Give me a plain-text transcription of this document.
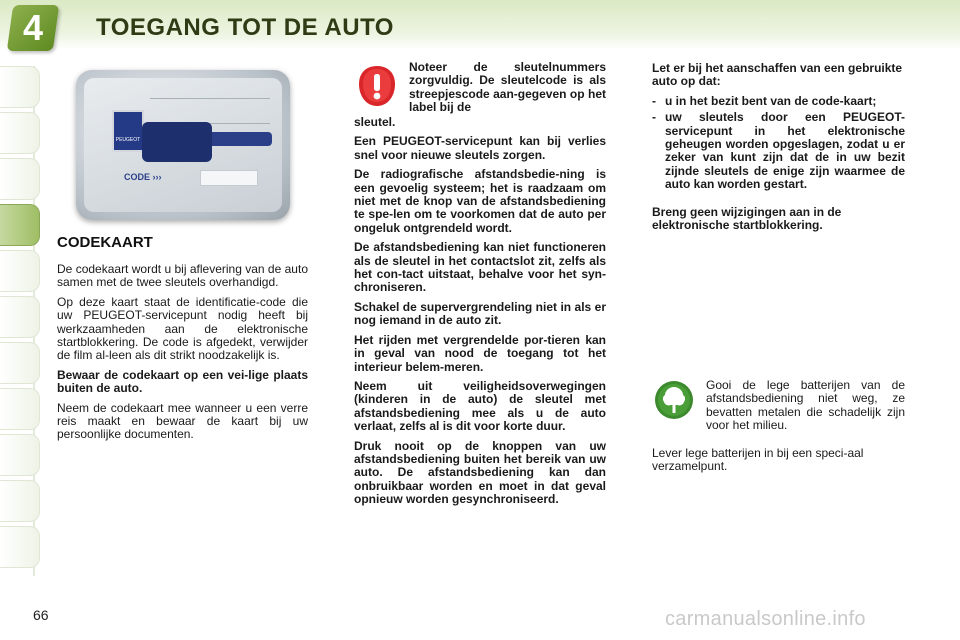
4	TOEGANG TOT DE AUTO
PEUGEOT
CODE ›››
CODEKAART

De codekaart wordt u bij aflevering van de auto samen met de twee sleutels overhandigd.

Op deze kaart staat de identificatie-code die uw PEUGEOT-servicepunt nodig heeft bij werkzaamheden aan de elektronische startblokkering. De code is afgedekt, verwijder de film al-leen als dit strikt noodzakelijk is.

Bewaar de codekaart op een vei-lige plaats buiten de auto.

Neem de codekaart mee wanneer u een verre reis maakt en bewaar de kaart bij uw persoonlijke documenten.

Noteer de sleutelnummers zorgvuldig. De sleutelcode is als streepjescode aan-gegeven op het label bij de

sleutel.

Een PEUGEOT-servicepunt kan bij verlies snel voor nieuwe sleutels zorgen.

De radiografische afstandsbedie-ning is een gevoelig systeem; het is raadzaam om niet met de knop van de afstandsbediening te spe-len om te voorkomen dat de auto per ongeluk ontgrendeld wordt.

De afstandsbediening kan niet functioneren als de sleutel in het contactslot zit, zelfs als het con-tact uitstaat, behalve voor het syn-chroniseren.

Schakel de supervergrendeling niet in als er nog iemand in de auto zit.

Het rijden met vergrendelde por-tieren kan in geval van nood de toegang tot het interieur belem-meren.

Neem uit veiligheidsoverwegingen (kinderen in de auto) de sleutel met afstandsbediening mee als u de auto verlaat, zelfs al is dit voor korte duur.

Druk nooit op de knoppen van uw afstandsbediening buiten het bereik van uw auto. De afstandsbediening kan dan onbruikbaar worden en moet in dat geval opnieuw worden gesynchroniseerd.

Let er bij het aanschaffen van een gebruikte auto op dat:

- u in het bezit bent van de code-kaart;
- uw sleutels door een PEUGEOT-servicepunt in het elektronische geheugen worden opgeslagen, zodat u er zeker van kunt zijn dat de in uw bezit zijnde sleutels de enige zijn waarmee de auto kan worden gestart.

Breng geen wijzigingen aan in de elektronische startblokkering.

Gooi de lege batterijen van de afstandsbediening niet weg, ze bevatten metalen die schadelijk zijn voor het milieu.
Lever lege batterijen in bij een speci-aal verzamelpunt.
66	carmanualsonline.info
